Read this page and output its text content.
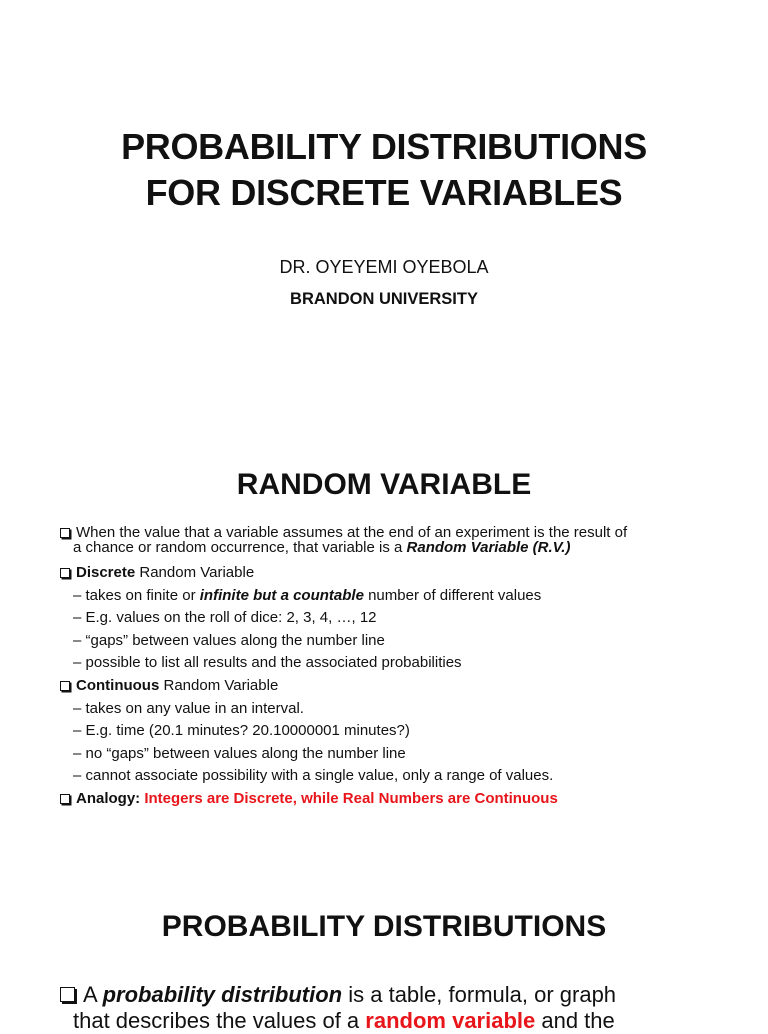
PROBABILITY DISTRIBUTIONS
FOR DISCRETE VARIABLES
DR. OYEYEMI OYEBOLA
BRANDON UNIVERSITY
RANDOM VARIABLE
When the value that a variable assumes at the end of an experiment is the result of
a chance or random occurrence, that variable is a Random Variable (R.V.)
Discrete Random Variable
– takes on finite or infinite but a countable number of different values
– E.g. values on the roll of dice: 2, 3, 4, …, 12
– “gaps” between values along the number line
– possible to list all results and the associated probabilities
Continuous Random Variable
– takes on any value in an interval.
– E.g. time (20.1 minutes? 20.10000001 minutes?)
– no “gaps” between values along the number line
– cannot associate possibility with a single value, only a range of values.
Analogy: Integers are Discrete, while Real Numbers are Continuous
PROBABILITY DISTRIBUTIONS
A probability distribution is a table, formula, or graph
that describes the values of a random variable and the
